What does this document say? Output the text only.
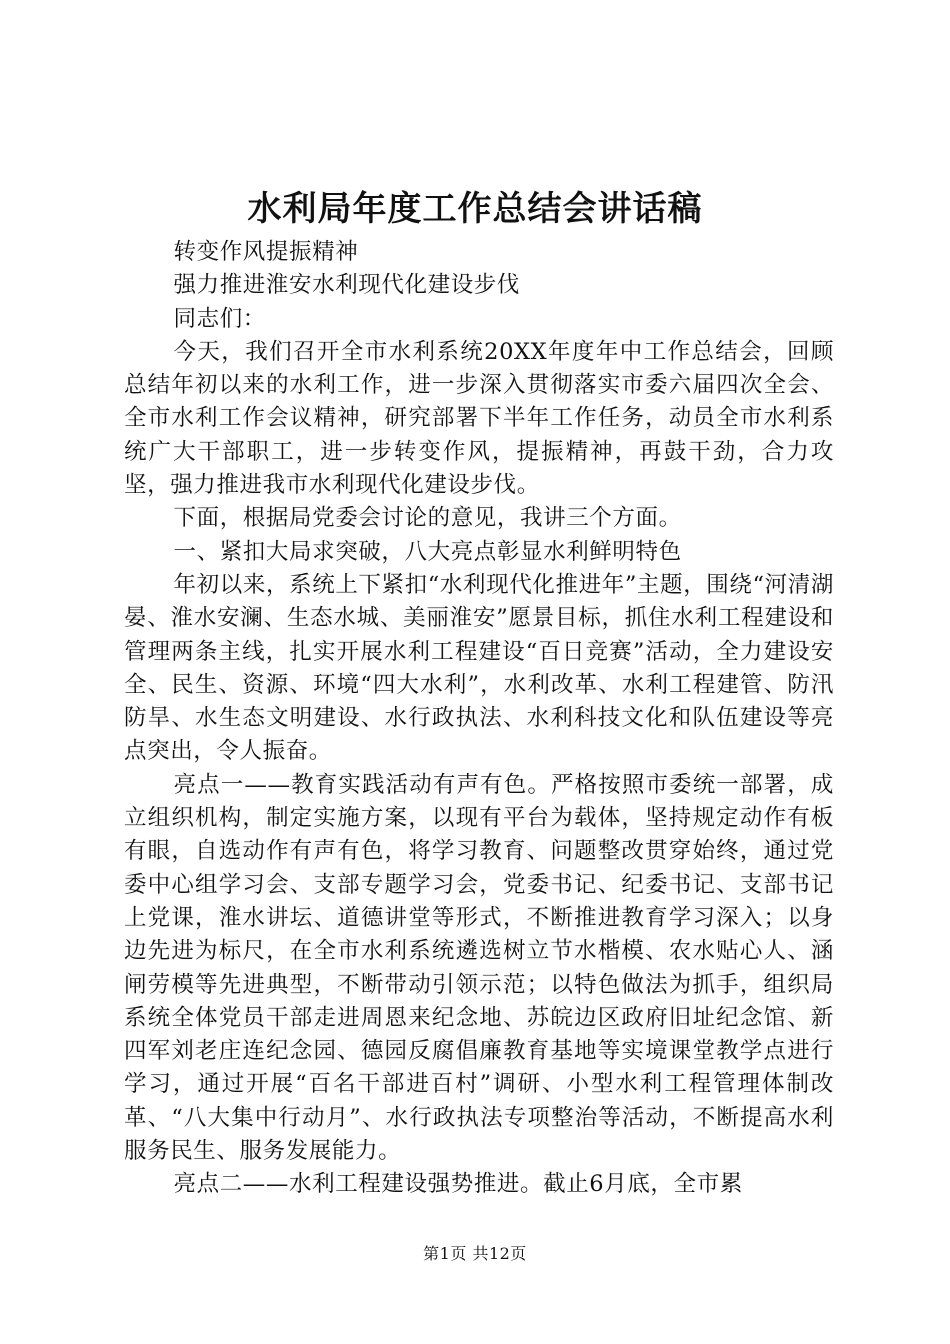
水利局年度工作总结会讲话稿

转变作风提振精神

强力推进淮安水利现代化建设步伐

同志们：

今天，我们召开全市水利系统20XX年度年中工作总结会，回顾总结年初以来的水利工作，进一步深入贯彻落实市委六届四次全会、全市水利工作会议精神，研究部署下半年工作任务，动员全市水利系统广大干部职工，进一步转变作风，提振精神，再鼓干劲，合力攻坚，强力推进我市水利现代化建设步伐。

下面，根据局党委会讨论的意见，我讲三个方面。

一、紧扣大局求突破，八大亮点彰显水利鲜明特色

年初以来，系统上下紧扣“水利现代化推进年”主题，围绕“河清湖晏、淮水安澜、生态水城、美丽淮安”愿景目标，抓住水利工程建设和管理两条主线，扎实开展水利工程建设“百日竞赛”活动，全力建设安全、民生、资源、环境“四大水利”，水利改革、水利工程建管、防汛防旱、水生态文明建设、水行政执法、水利科技文化和队伍建设等亮点突出，令人振奋。

亮点一——教育实践活动有声有色。严格按照市委统一部署，成立组织机构，制定实施方案，以现有平台为载体，坚持规定动作有板有眼，自选动作有声有色，将学习教育、问题整改贯穿始终，通过党委中心组学习会、支部专题学习会，党委书记、纪委书记、支部书记上党课，淮水讲坛、道德讲堂等形式，不断推进教育学习深入；以身边先进为标尺，在全市水利系统遴选树立节水楷模、农水贴心人、涵闸劳模等先进典型，不断带动引领示范；以特色做法为抓手，组织局系统全体党员干部走进周恩来纪念地、苏皖边区政府旧址纪念馆、新四军刘老庄连纪念园、德园反腐倡廉教育基地等实境课堂教学点进行学习，通过开展“百名干部进百村”调研、小型水利工程管理体制改革、“八大集中行动月”、水行政执法专项整治等活动，不断提高水利服务民生、服务发展能力。

亮点二——水利工程建设强势推进。截止6月底，全市累

第1页 共12页
